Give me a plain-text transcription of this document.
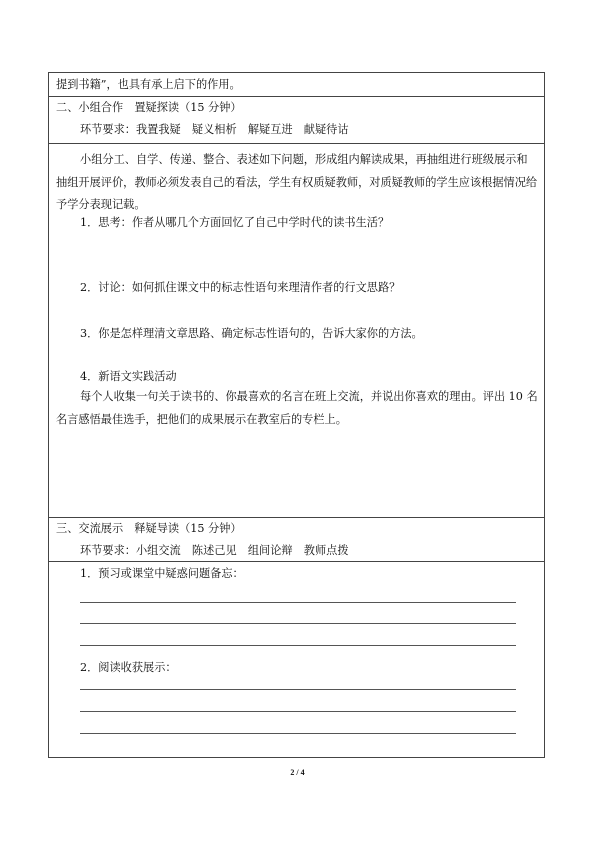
提到书籍”，也具有承上启下的作用。
二、小组合作　置疑探读（15 分钟）
环节要求：我置我疑　疑义相析　解疑互进　献疑待诂
小组分工、自学、传递、整合、表述如下问题，形成组内解读成果，再抽组进行班级展示和抽组开展评价，教师必须发表自己的看法，学生有权质疑教师，对质疑教师的学生应该根据情况给予学分表现记载。
1．思考：作者从哪几个方面回忆了自己中学时代的读书生活？
2．讨论：如何抓住课文中的标志性语句来理清作者的行文思路？
3．你是怎样理清文章思路、确定标志性语句的，告诉大家你的方法。
4．新语文实践活动
每个人收集一句关于读书的、你最喜欢的名言在班上交流，并说出你喜欢的理由。评出 10 名名言感悟最佳选手，把他们的成果展示在教室后的专栏上。
三、交流展示　释疑导读（15 分钟）
环节要求：小组交流　陈述己见　组间论辩　教师点拨
1．预习或课堂中疑惑问题备忘：
2．阅读收获展示：
2 / 4
